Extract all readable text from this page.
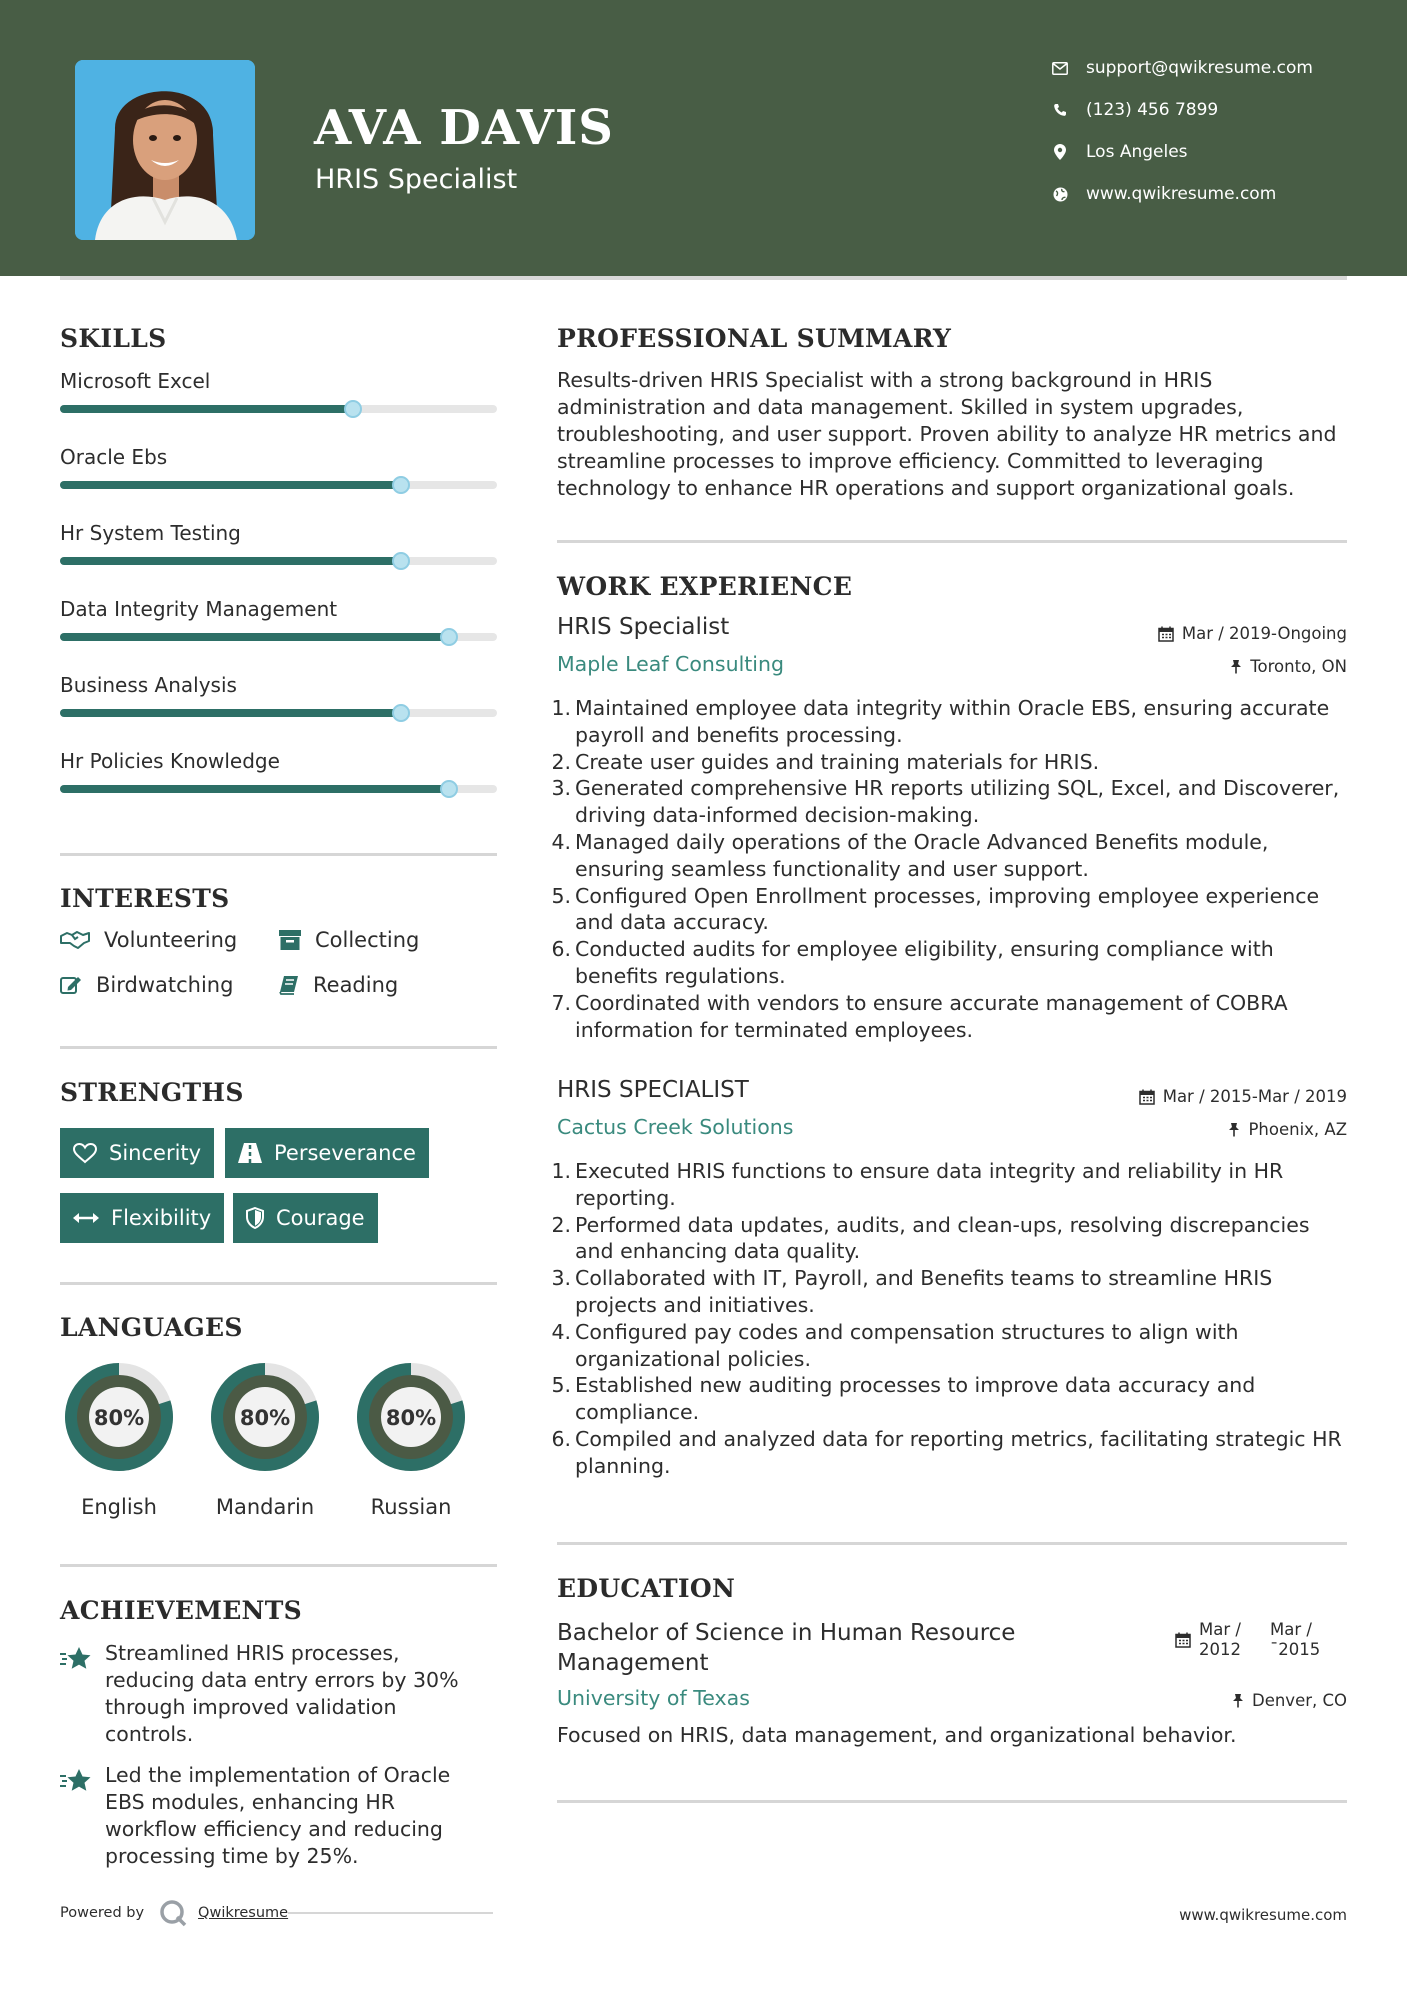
AVA DAVIS
HRIS Specialist
support@qwikresume.com
(123) 456 7899
Los Angeles
www.qwikresume.com
SKILLS
Microsoft Excel
Oracle Ebs
Hr System Testing
Data Integrity Management
Business Analysis
Hr Policies Knowledge
INTERESTS
Volunteering	Collecting
Birdwatching	Reading
STRENGTHS
Sincerity	Perseverance
Flexibility	Courage
LANGUAGES
80%
English
80%
Mandarin
80%
Russian
ACHIEVEMENTS
Streamlined HRIS processes, reducing data entry errors by 30% through improved validation controls.
Led the implementation of Oracle EBS modules, enhancing HR workflow efficiency and reducing processing time by 25%.
PROFESSIONAL SUMMARY
Results-driven HRIS Specialist with a strong background in HRIS administration and data management. Skilled in system upgrades, troubleshooting, and user support. Proven ability to analyze HR metrics and streamline processes to improve efficiency. Committed to leveraging technology to enhance HR operations and support organizational goals.
WORK EXPERIENCE
HRIS Specialist	Mar / 2019-Ongoing
Maple Leaf Consulting	Toronto, ON
1. Maintained employee data integrity within Oracle EBS, ensuring accurate payroll and benefits processing.
2. Create user guides and training materials for HRIS.
3. Generated comprehensive HR reports utilizing SQL, Excel, and Discoverer, driving data-informed decision-making.
4. Managed daily operations of the Oracle Advanced Benefits module, ensuring seamless functionality and user support.
5. Configured Open Enrollment processes, improving employee experience and data accuracy.
6. Conducted audits for employee eligibility, ensuring compliance with benefits regulations.
7. Coordinated with vendors to ensure accurate management of COBRA information for terminated employees.
HRIS SPECIALIST	Mar / 2015-Mar / 2019
Cactus Creek Solutions	Phoenix, AZ
1. Executed HRIS functions to ensure data integrity and reliability in HR reporting.
2. Performed data updates, audits, and clean-ups, resolving discrepancies and enhancing data quality.
3. Collaborated with IT, Payroll, and Benefits teams to streamline HRIS projects and initiatives.
4. Configured pay codes and compensation structures to align with organizational policies.
5. Established new auditing processes to improve data accuracy and compliance.
6. Compiled and analyzed data for reporting metrics, facilitating strategic HR planning.
EDUCATION
Bachelor of Science in Human Resource
Management
Mar /
2012
Mar /
ˉ2015
University of Texas	Denver, CO
Focused on HRIS, data management, and organizational behavior.
Powered by	Qwikresume	www.qwikresume.com
